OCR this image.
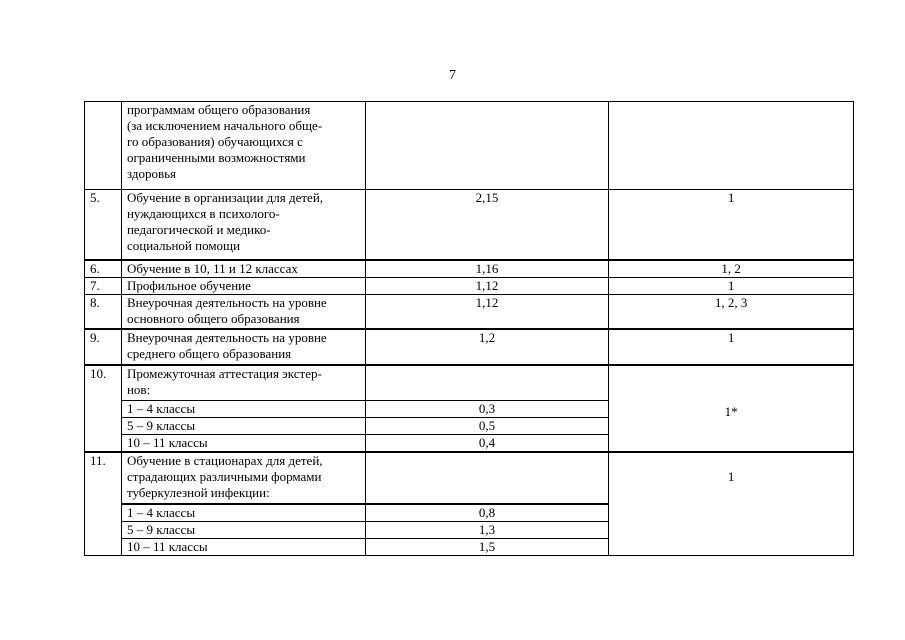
7

	программам общего образования
(за исключением начального обще-
го образования) обучающихся с
ограниченными возможностями
здоровья		

5.	Обучение в организации для детей,
нуждающихся в психолого-
педагогической и медико-
социальной помощи	2,15	1
6.	Обучение в 10, 11 и 12 классах	1,16	1, 2
7.	Профильное обучение	1,12	1
8.	Внеурочная деятельность на уровне
основного общего образования	1,12	1, 2, 3
9.	Внеурочная деятельность на уровне
среднего общего образования	1,2	1
10.	Промежуточная аттестация экстер-
нов:		1*
	1 – 4 классы	0,3	
	5 – 9 классы	0,5	
	10 – 11 классы	0,4	
11.	Обучение в стационарах для детей,
страдающих различными формами
туберкулезной инфекции:		1
	1 – 4 классы	0,8	
	5 – 9 классы	1,3	
	10 – 11 классы	1,5	
